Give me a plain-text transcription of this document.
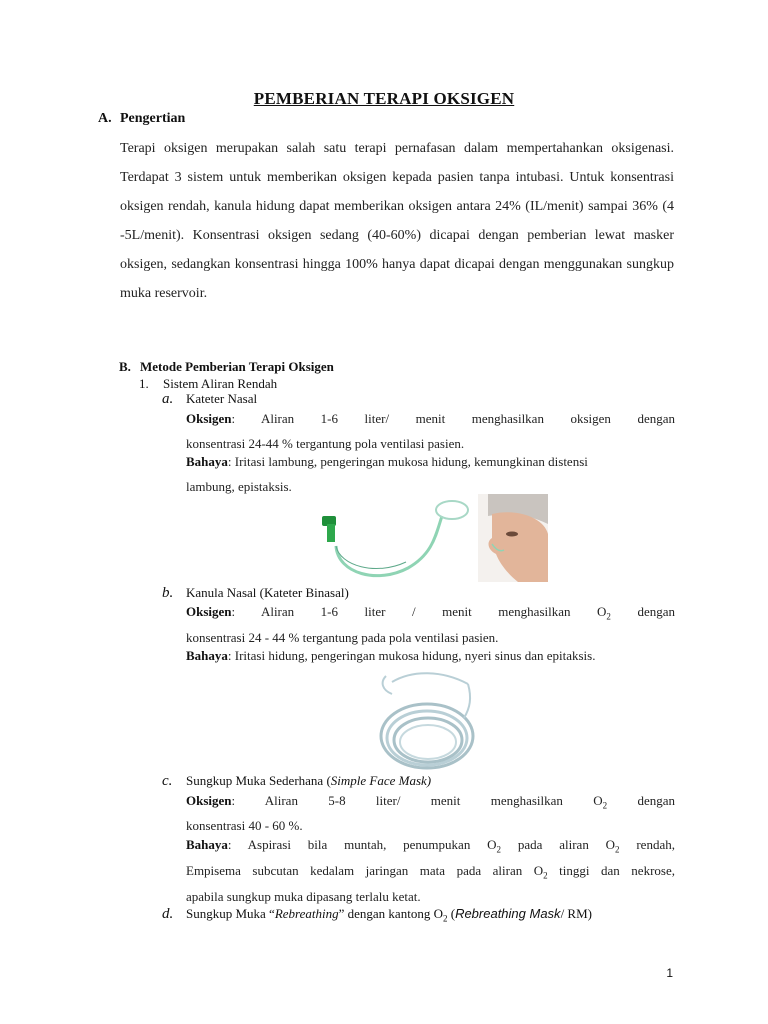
PEMBERIAN TERAPI OKSIGEN
A. Pengertian
Terapi oksigen merupakan salah satu terapi pernafasan dalam mempertahankan oksigenasi. Terdapat 3 sistem untuk memberikan oksigen kepada pasien tanpa intubasi. Untuk konsentrasi oksigen rendah, kanula hidung dapat memberikan oksigen antara 24% (IL/menit) sampai 36% (4 -5L/menit). Konsentrasi oksigen sedang (40-60%) dicapai dengan pemberian lewat masker oksigen, sedangkan konsentrasi hingga 100% hanya dapat dicapai dengan menggunakan sungkup muka reservoir.
B. Metode Pemberian Terapi Oksigen
1. Sistem Aliran Rendah
a. Kateter Nasal
Oksigen: Aliran 1-6 liter/ menit menghasilkan oksigen dengan
konsentrasi 24-44 % tergantung pola ventilasi pasien.
Bahaya: Iritasi lambung, pengeringan mukosa hidung, kemungkinan distensi
lambung, epistaksis.
b. Kanula Nasal (Kateter Binasal)
Oksigen: Aliran 1-6 liter / menit menghasilkan $O_2$ dengan
konsentrasi 24 - 44 % tergantung pada pola ventilasi pasien.
Bahaya: Iritasi hidung, pengeringan mukosa hidung, nyeri sinus dan epitaksis.
c. Sungkup Muka Sederhana (Simple Face Mask)
Oksigen: Aliran 5-8 liter/ menit menghasilkan $O_2$ dengan
konsentrasi 40 - 60 %.
Bahaya: Aspirasi bila muntah, penumpukan $O_2$ pada aliran $O_2$ rendah,
Empisema subcutan kedalam jaringan mata pada aliran $O_2$ tinggi dan nekrose,
apabila sungkup muka dipasang terlalu ketat.
d. Sungkup Muka “Rebreathing” dengan kantong $O_2$ (Rebreathing Mask/ RM)
1
